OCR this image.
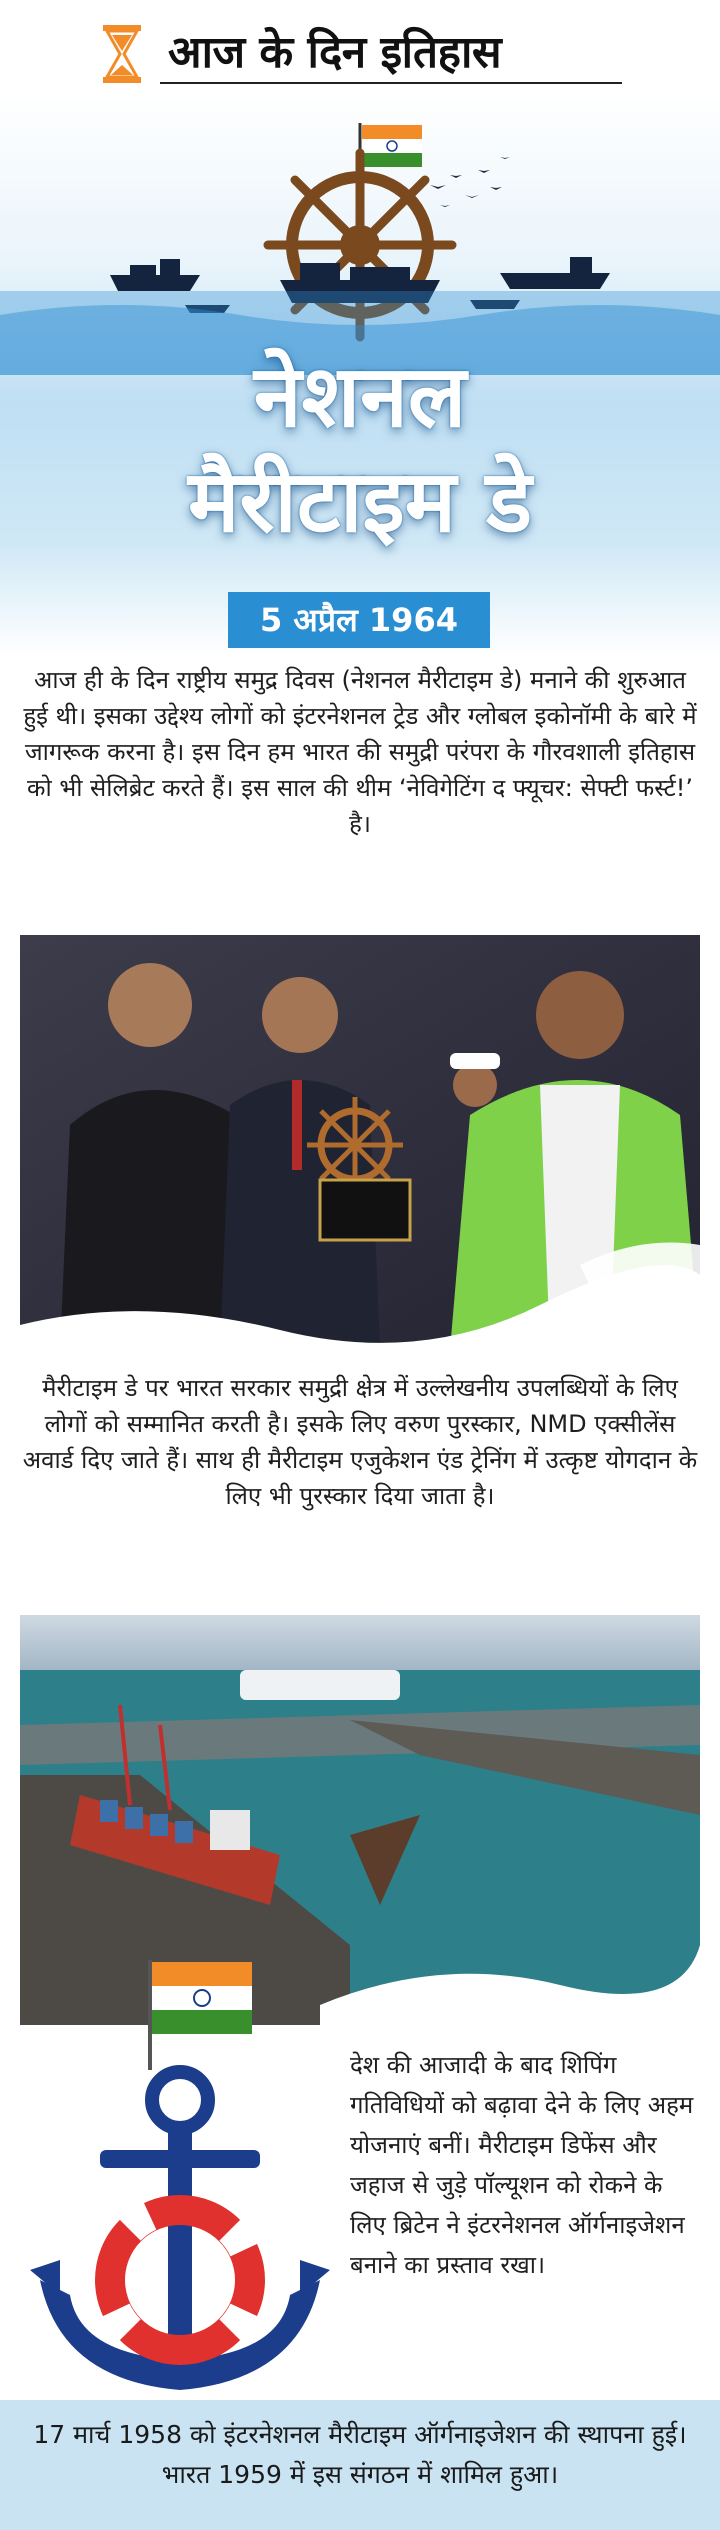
आज के दिन इतिहास
नेशनल
मैरीटाइम डे
5 अप्रैल 1964
आज ही के दिन राष्ट्रीय समुद्र दिवस (नेशनल मैरीटाइम डे) मनाने की शुरुआत हुई थी। इसका उद्देश्य लोगों को इंटरनेशनल ट्रेड और ग्लोबल इकोनॉमी के बारे में जागरूक करना है। इस दिन हम भारत की समुद्री परंपरा के गौरवशाली इतिहास को भी सेलिब्रेट करते हैं। इस साल की थीम ‘नेविगेटिंग द फ्यूचर: सेफ्टी फर्स्ट!’ है।
मैरीटाइम डे पर भारत सरकार समुद्री क्षेत्र में उल्लेखनीय उपलब्धियों के लिए लोगों को सम्मानित करती है। इसके लिए वरुण पुरस्कार, NMD एक्सीलेंस अवार्ड दिए जाते हैं। साथ ही मैरीटाइम एजुकेशन एंड ट्रेनिंग में उत्कृष्ट योगदान के लिए भी पुरस्कार दिया जाता है।
देश की आजादी के बाद शिपिंग गतिविधियों को बढ़ावा देने के लिए अहम योजनाएं बनीं। मैरीटाइम डिफेंस और जहाज से जुड़े पॉल्यूशन को रोकने के लिए ब्रिटेन ने इंटरनेशनल ऑर्गनाइजेशन बनाने का प्रस्ताव रखा।
17 मार्च 1958 को इंटरनेशनल मैरीटाइम ऑर्गनाइजेशन की स्थापना हुई। भारत 1959 में इस संगठन में शामिल हुआ।
